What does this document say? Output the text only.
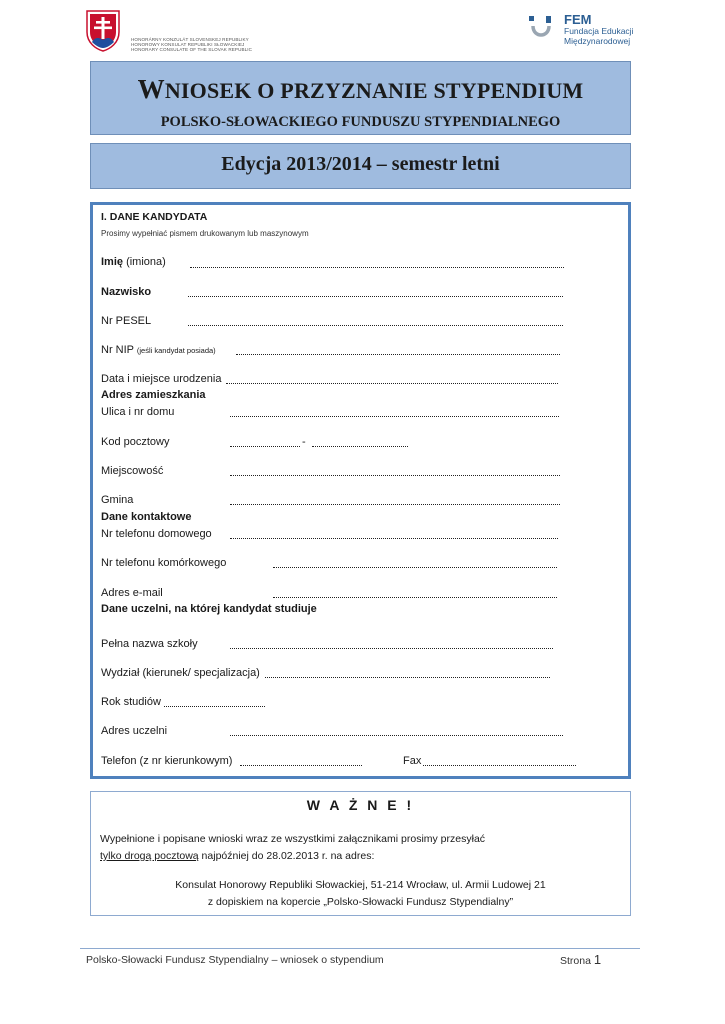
HONORÁRNY KONZULÁT SLOVENSKEJ REPUBLIKY
HONOROWY KONSULAT REPUBLIKI SŁOWACKIEJ
HONORARY CONSULATE OF THE SLOVAK REPUBLIC
FEM
Fundacja Edukacji
Międzynarodowej
WNIOSEK O PRZYZNANIE STYPENDIUM
POLSKO-SŁOWACKIEGO FUNDUSZU STYPENDIALNEGO
Edycja 2013/2014 – semestr letni
I. DANE KANDYDATA
Prosimy wypełniać pismem drukowanym lub maszynowym
Imię (imiona)
Nazwisko
Nr PESEL
Nr NIP (jeśli kandydat posiada)
Data i miejsce urodzenia
Adres zamieszkania
Ulica i nr domu
Kod pocztowy	-
Miejscowość
Gmina
Dane kontaktowe
Nr telefonu domowego
Nr telefonu komórkowego
Adres e-mail
Dane uczelni, na której kandydat studiuje
Pełna nazwa szkoły
Wydział (kierunek/ specjalizacja)
Rok studiów
Adres uczelni
Telefon (z nr kierunkowym)	Fax
W A Ż N E !
Wypełnione i popisane wnioski wraz ze wszystkimi załącznikami prosimy przesyłać
tylko drogą pocztową najpóźniej do 28.02.2013 r. na adres:
Konsulat Honorowy Republiki Słowackiej, 51-214 Wrocław, ul. Armii Ludowej 21
z dopiskiem na kopercie „Polsko-Słowacki Fundusz Stypendialny”
Polsko-Słowacki Fundusz Stypendialny – wniosek o stypendium	Strona 1
